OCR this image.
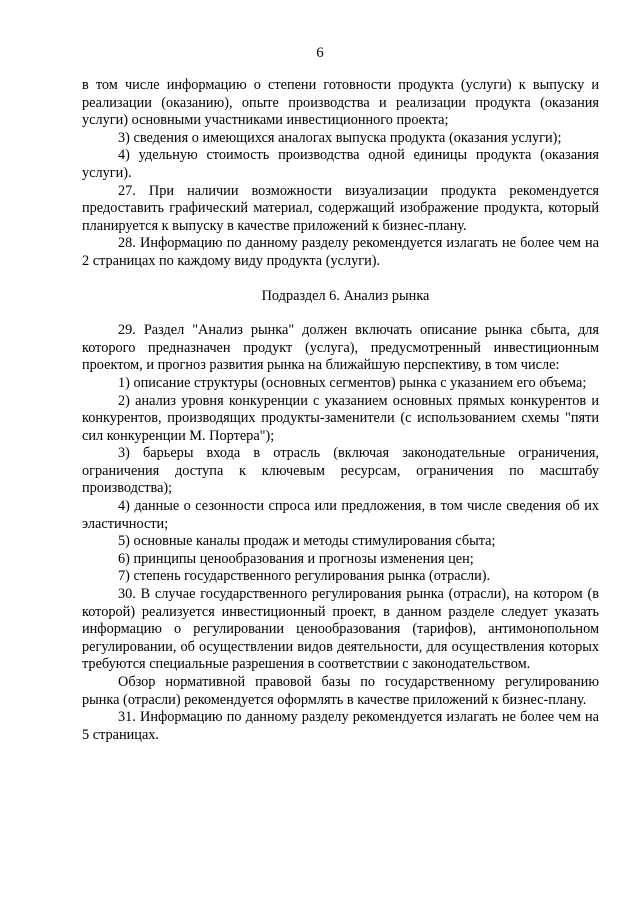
6

в том числе информацию о степени готовности продукта (услуги) к выпуску и реализации (оказанию), опыте производства и реализации продукта (оказания услуги) основными участниками инвестиционного проекта;

3) сведения о имеющихся аналогах выпуска продукта (оказания услуги);

4) удельную стоимость производства одной единицы продукта (оказания услуги).

27. При наличии возможности визуализации продукта рекомендуется предоставить графический материал, содержащий изображение продукта, который планируется к выпуску в качестве приложений к бизнес-плану.

28. Информацию по данному разделу рекомендуется излагать не более чем на 2 страницах по каждому виду продукта (услуги).

Подраздел 6. Анализ рынка

29. Раздел "Анализ рынка" должен включать описание рынка сбыта, для которого предназначен продукт (услуга), предусмотренный инвестиционным проектом, и прогноз развития рынка на ближайшую перспективу, в том числе:

1) описание структуры (основных сегментов) рынка с указанием его объема;

2) анализ уровня конкуренции с указанием основных прямых конкурентов и конкурентов, производящих продукты-заменители (с использованием схемы "пяти сил конкуренции М. Портера");

3) барьеры входа в отрасль (включая законодательные ограничения, ограничения доступа к ключевым ресурсам, ограничения по масштабу производства);

4) данные о сезонности спроса или предложения, в том числе сведения об их эластичности;

5) основные каналы продаж и методы стимулирования сбыта;

6) принципы ценообразования и прогнозы изменения цен;

7) степень государственного регулирования рынка (отрасли).

30. В случае государственного регулирования рынка (отрасли), на котором (в которой) реализуется инвестиционный проект, в данном разделе следует указать информацию о регулировании ценообразования (тарифов), антимонопольном регулировании, об осуществлении видов деятельности, для осуществления которых требуются специальные разрешения в соответствии с законодательством.

Обзор нормативной правовой базы по государственному регулированию рынка (отрасли) рекомендуется оформлять в качестве приложений к бизнес-плану.

31. Информацию по данному разделу рекомендуется излагать не более чем на 5 страницах.
